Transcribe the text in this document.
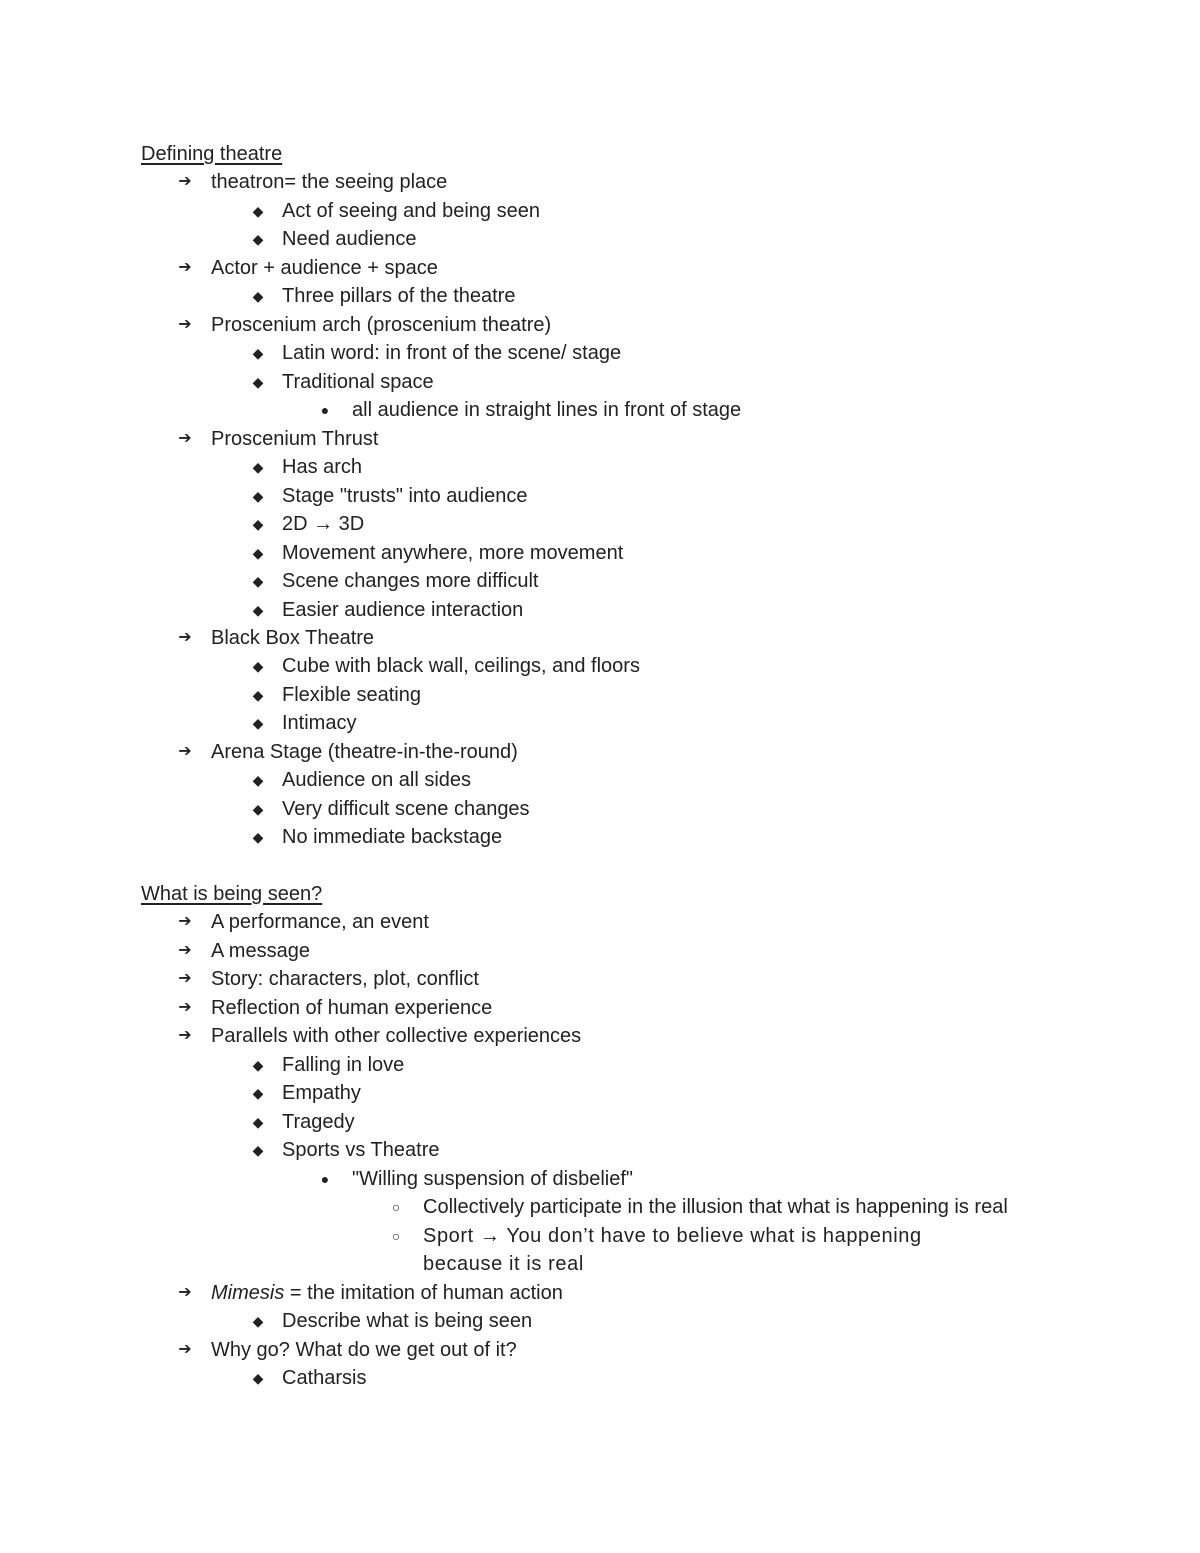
Defining theatre
➔ theatron= the seeing place
◆ Act of seeing and being seen
◆ Need audience
➔ Actor + audience + space
◆ Three pillars of the theatre
➔ Proscenium arch (proscenium theatre)
◆ Latin word: in front of the scene/ stage
◆ Traditional space
● all audience in straight lines in front of stage
➔ Proscenium Thrust
◆ Has arch
◆ Stage "trusts" into audience
◆ 2D → 3D
◆ Movement anywhere, more movement
◆ Scene changes more difficult
◆ Easier audience interaction
➔ Black Box Theatre
◆ Cube with black wall, ceilings, and floors
◆ Flexible seating
◆ Intimacy
➔ Arena Stage (theatre-in-the-round)
◆ Audience on all sides
◆ Very difficult scene changes
◆ No immediate backstage
What is being seen?
➔ A performance, an event
➔ A message
➔ Story: characters, plot, conflict
➔ Reflection of human experience
➔ Parallels with other collective experiences
◆ Falling in love
◆ Empathy
◆ Tragedy
◆ Sports vs Theatre
● "Willing suspension of disbelief"
○ Collectively participate in the illusion that what is happening is real
○ Sport → You don’t have to believe what is happening
because it is real
➔ Mimesis = the imitation of human action
◆ Describe what is being seen
➔ Why go? What do we get out of it?
◆ Catharsis
